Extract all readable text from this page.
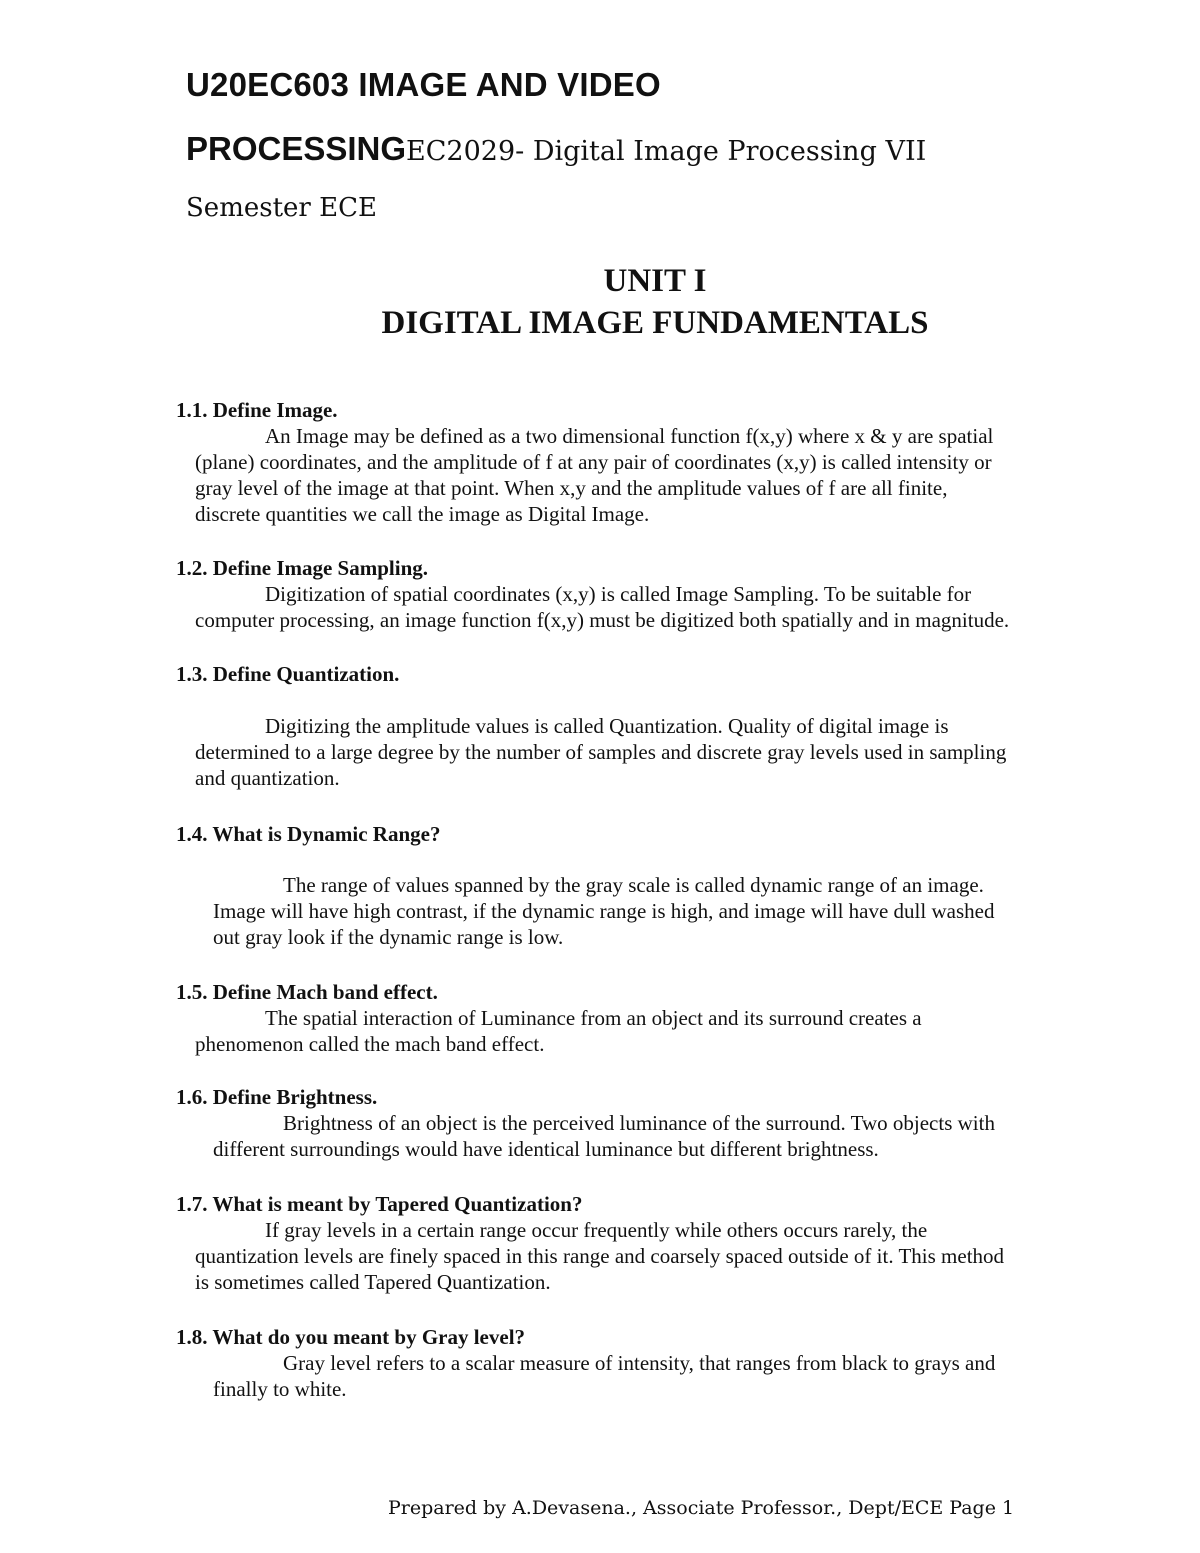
U20EC603 IMAGE AND VIDEO
PROCESSINGEC2029- Digital Image Processing VII
Semester ECE
UNIT I
DIGITAL IMAGE FUNDAMENTALS
1.1. Define Image.
An Image may be defined as a two dimensional function f(x,y) where x & y are spatial
(plane) coordinates, and the amplitude of f at any pair of coordinates (x,y) is called intensity or
gray level of the image at that point. When x,y and the amplitude values of f are all finite,
discrete quantities we call the image as Digital Image.
1.2. Define Image Sampling.
Digitization of spatial coordinates (x,y) is called Image Sampling. To be suitable for
computer processing, an image function f(x,y) must be digitized both spatially and in magnitude.
1.3. Define Quantization.
Digitizing the amplitude values is called Quantization. Quality of digital image is
determined to a large degree by the number of samples and discrete gray levels used in sampling
and quantization.
1.4. What is Dynamic Range?
The range of values spanned by the gray scale is called dynamic range of an image.
Image will have high contrast, if the dynamic range is high, and image will have dull washed
out gray look if the dynamic range is low.
1.5. Define Mach band effect.
The spatial interaction of Luminance from an object and its surround creates a
phenomenon called the mach band effect.
1.6. Define Brightness.
Brightness of an object is the perceived luminance of the surround. Two objects with
different surroundings would have identical luminance but different brightness.
1.7. What is meant by Tapered Quantization?
If gray levels in a certain range occur frequently while others occurs rarely, the
quantization levels are finely spaced in this range and coarsely spaced outside of it. This method
is sometimes called Tapered Quantization.
1.8. What do you meant by Gray level?
Gray level refers to a scalar measure of intensity, that ranges from black to grays and
finally to white.
Prepared by A.Devasena., Associate Professor., Dept/ECE Page 1
